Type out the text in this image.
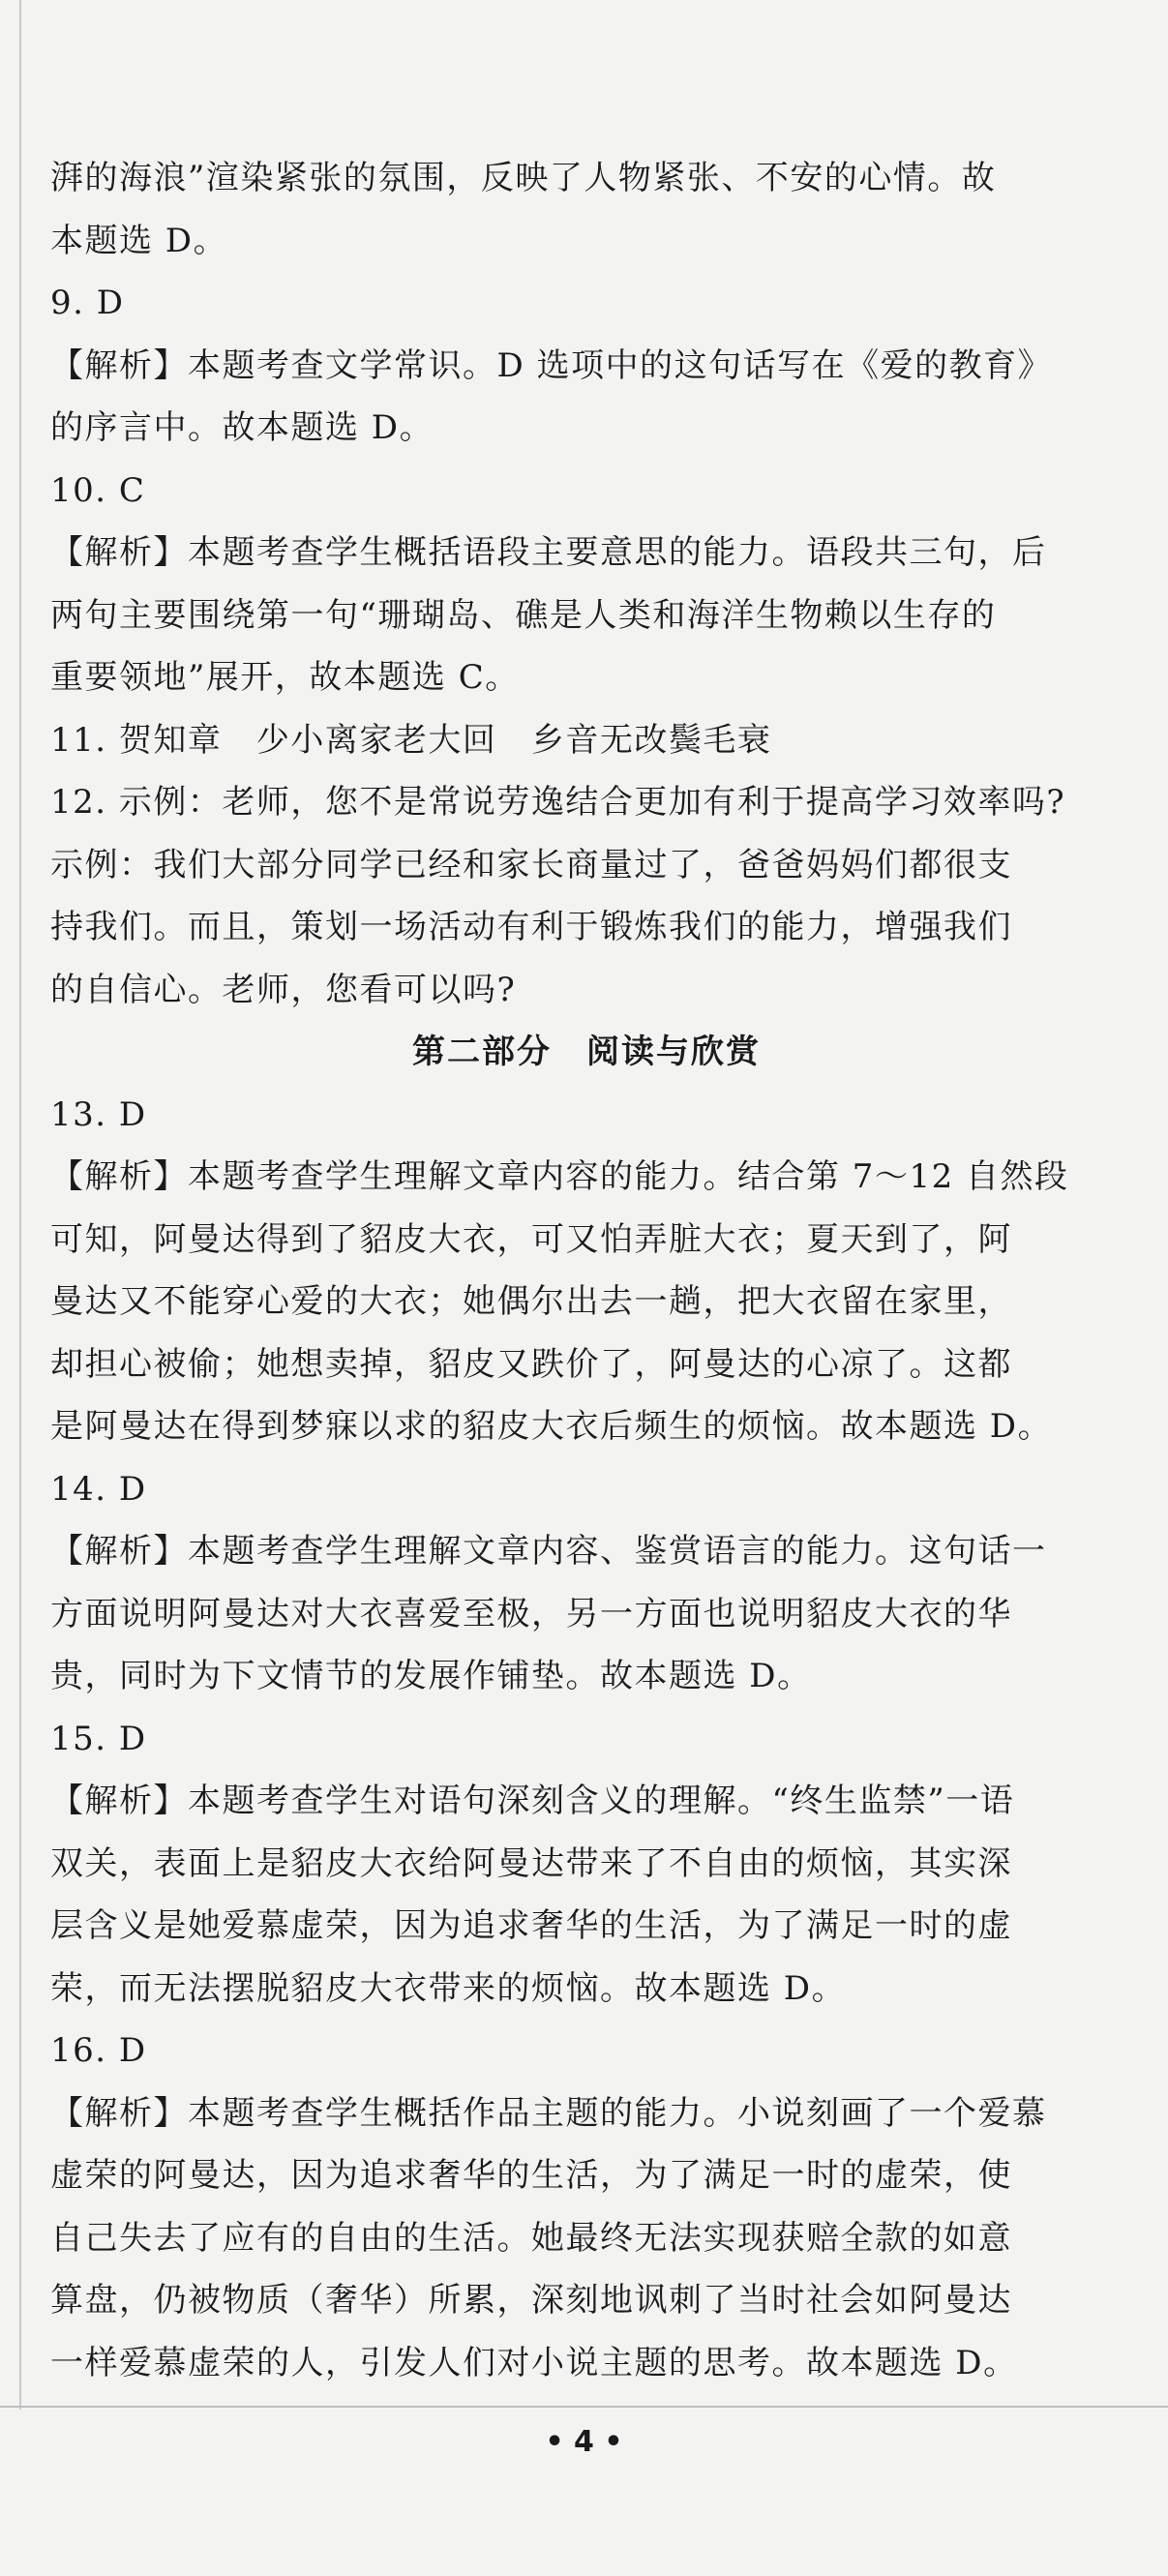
湃的海浪”渲染紧张的氛围，反映了人物紧张、不安的心情。故
本题选 D。
9. D
【解析】本题考查文学常识。D 选项中的这句话写在《爱的教育》
的序言中。故本题选 D。
10. C
【解析】本题考查学生概括语段主要意思的能力。语段共三句，后
两句主要围绕第一句“珊瑚岛、礁是人类和海洋生物赖以生存的
重要领地”展开，故本题选 C。
11. 贺知章　少小离家老大回　乡音无改鬓毛衰
12. 示例：老师，您不是常说劳逸结合更加有利于提高学习效率吗?
示例：我们大部分同学已经和家长商量过了，爸爸妈妈们都很支
持我们。而且，策划一场活动有利于锻炼我们的能力，增强我们
的自信心。老师，您看可以吗?
第二部分　阅读与欣赏
13. D
【解析】本题考查学生理解文章内容的能力。结合第 7～12 自然段
可知，阿曼达得到了貂皮大衣，可又怕弄脏大衣；夏天到了，阿
曼达又不能穿心爱的大衣；她偶尔出去一趟，把大衣留在家里，
却担心被偷；她想卖掉，貂皮又跌价了，阿曼达的心凉了。这都
是阿曼达在得到梦寐以求的貂皮大衣后频生的烦恼。故本题选 D。
14. D
【解析】本题考查学生理解文章内容、鉴赏语言的能力。这句话一
方面说明阿曼达对大衣喜爱至极，另一方面也说明貂皮大衣的华
贵，同时为下文情节的发展作铺垫。故本题选 D。
15. D
【解析】本题考查学生对语句深刻含义的理解。“终生监禁”一语
双关，表面上是貂皮大衣给阿曼达带来了不自由的烦恼，其实深
层含义是她爱慕虚荣，因为追求奢华的生活，为了满足一时的虚
荣，而无法摆脱貂皮大衣带来的烦恼。故本题选 D。
16. D
【解析】本题考查学生概括作品主题的能力。小说刻画了一个爱慕
虚荣的阿曼达，因为追求奢华的生活，为了满足一时的虚荣，使
自己失去了应有的自由的生活。她最终无法实现获赔全款的如意
算盘，仍被物质（奢华）所累，深刻地讽刺了当时社会如阿曼达
一样爱慕虚荣的人，引发人们对小说主题的思考。故本题选 D。
• 4 •
